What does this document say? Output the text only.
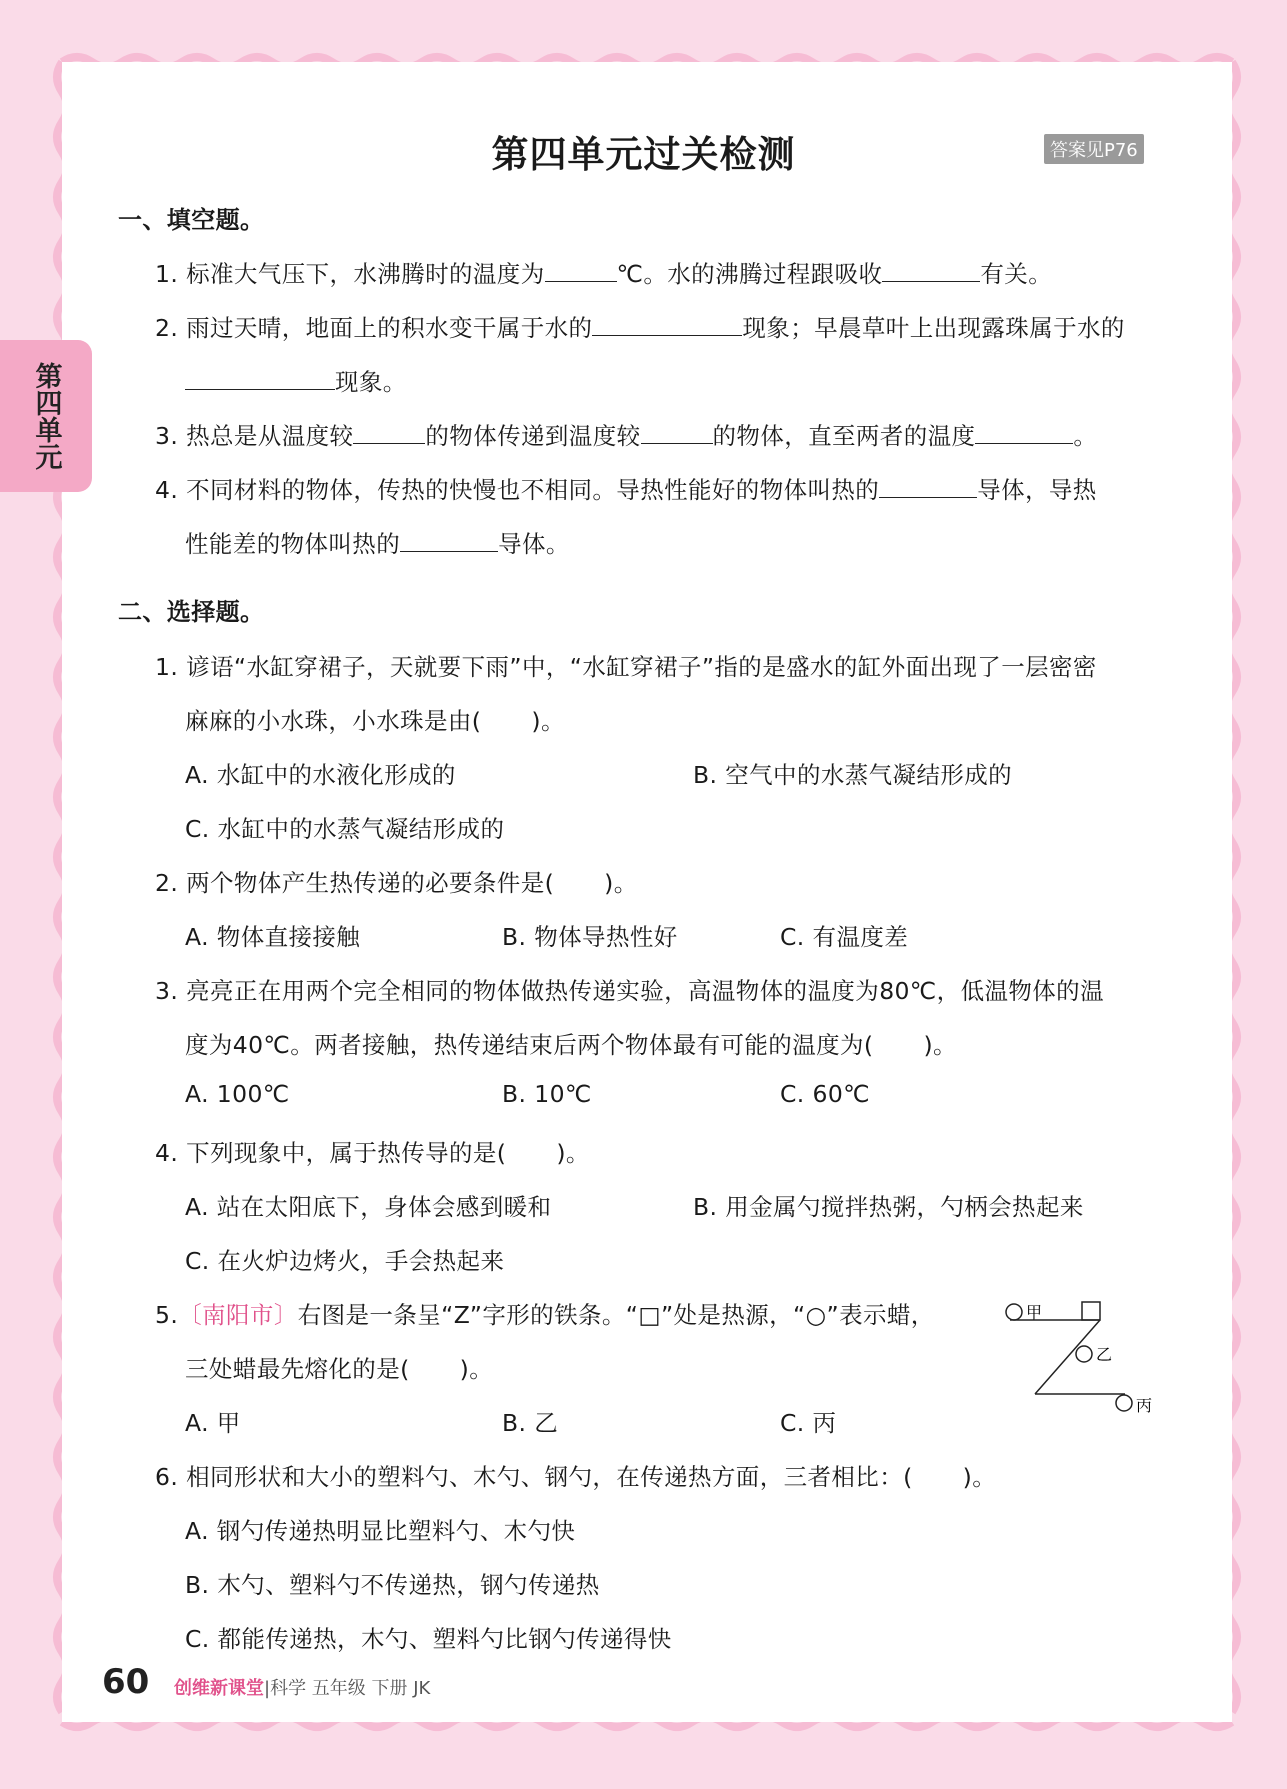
第四单元
第四单元过关检测	答案见P76
一、填空题。
1. 标准大气压下，水沸腾时的温度为	℃。水的沸腾过程跟吸收	有关。
2. 雨过天晴，地面上的积水变干属于水的	现象；早晨草叶上出现露珠属于水的
现象。
3. 热总是从温度较	的物体传递到温度较	的物体，直至两者的温度	。
4. 不同材料的物体，传热的快慢也不相同。导热性能好的物体叫热的	导体，导热
性能差的物体叫热的	导体。
二、选择题。
1. 谚语“水缸穿裙子，天就要下雨”中，“水缸穿裙子”指的是盛水的缸外面出现了一层密密
麻麻的小水珠，小水珠是由( )。
A. 水缸中的水液化形成的	B. 空气中的水蒸气凝结形成的
C. 水缸中的水蒸气凝结形成的
2. 两个物体产生热传递的必要条件是( )。
A. 物体直接接触	B. 物体导热性好	C. 有温度差
3. 亮亮正在用两个完全相同的物体做热传递实验，高温物体的温度为80℃，低温物体的温
度为40℃。两者接触，热传递结束后两个物体最有可能的温度为( )。
A. 100℃	B. 10℃	C. 60℃
4. 下列现象中，属于热传导的是( )。
A. 站在太阳底下，身体会感到暖和	B. 用金属勺搅拌热粥，勺柄会热起来
C. 在火炉边烤火，手会热起来
5.〔南阳市〕右图是一条呈“Z”字形的铁条。“□”处是热源，“○”表示蜡，
三处蜡最先熔化的是( )。
A. 甲	B. 乙	C. 丙
甲
乙
丙
6. 相同形状和大小的塑料勺、木勺、钢勺，在传递热方面，三者相比：( )。
A. 钢勺传递热明显比塑料勺、木勺快
B. 木勺、塑料勺不传递热，钢勺传递热
C. 都能传递热，木勺、塑料勺比钢勺传递得快
60 创维新课堂|科学 五年级 下册 JK
